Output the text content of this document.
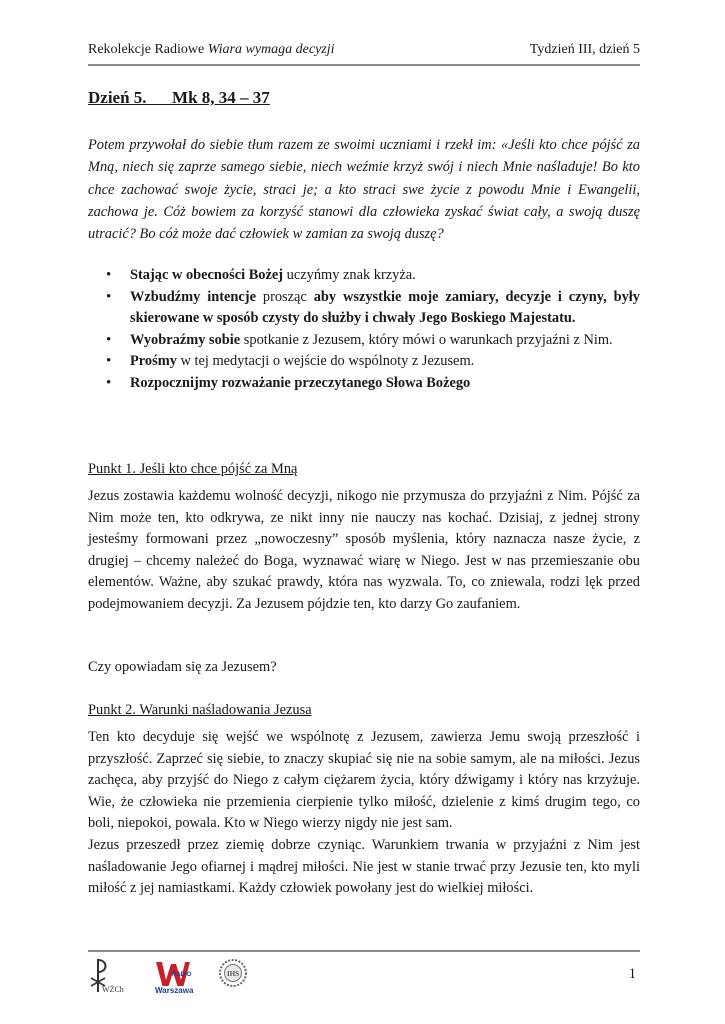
Rekolekcje Radiowe Wiara wymaga decyzji	Tydzień III, dzień 5
Dzień 5.      Mk 8, 34 – 37

Potem przywołał do siebie tłum razem ze swoimi uczniami i rzekł im: «Jeśli kto chce pójść za Mną, niech się zaprze samego siebie, niech weźmie krzyż swój i niech Mnie naśladuje! Bo kto chce zachować swoje życie, straci je; a kto straci swe życie z powodu Mnie i Ewangelii, zachowa je. Cóż bowiem za korzyść stanowi dla człowieka zyskać świat cały, a swoją duszę utracić? Bo cóż może dać człowiek w zamian za swoją duszę?

• Stając w obecności Bożej uczyńmy znak krzyża.
• Wzbudźmy intencje prosząc aby wszystkie moje zamiary, decyzje i czyny, były skierowane w sposób czysty do służby i chwały Jego Boskiego Majestatu.
• Wyobraźmy sobie spotkanie z Jezusem, który mówi o warunkach przyjaźni z Nim.
• Prośmy w tej medytacji o wejście do wspólnoty z Jezusem.
• Rozpocznijmy rozważanie przeczytanego Słowa Bożego
Punkt 1. Jeśli kto chce pójść za Mną

Jezus zostawia każdemu wolność decyzji, nikogo nie przymusza do przyjaźni z Nim. Pójść za Nim może ten, kto odkrywa, ze nikt inny nie nauczy nas kochać. Dzisiaj, z jednej strony jesteśmy formowani przez „nowoczesny” sposób myślenia, który naznacza nasze życie, z drugiej – chcemy należeć do Boga, wyznawać wiarę w Niego. Jest w nas przemieszanie obu elementów. Ważne, aby szukać prawdy, która nas wyzwala. To, co zniewala, rodzi lęk przed podejmowaniem decyzji. Za Jezusem pójdzie ten, kto darzy Go zaufaniem.

Czy opowiadam się za Jezusem?

Punkt 2. Warunki naśladowania Jezusa

Ten kto decyduje się wejść we wspólnotę z Jezusem, zawierza Jemu swoją przeszłość i przyszłość. Zaprzeć się siebie, to znaczy skupiać się nie na sobie samym, ale na miłości. Jezus zachęca, aby przyjść do Niego z całym ciężarem życia, który dźwigamy i który nas krzyżuje. Wie, że człowieka nie przemienia cierpienie tylko miłość, dzielenie z kimś drugim tego, co boli, niepokoi, powala. Kto w Niego wierzy nigdy nie jest sam.

Jezus przeszedł przez ziemię dobrze czyniąc. Warunkiem trwania w przyjaźni z Nim jest naśladowanie Jego ofiarnej i mądrej miłości. Nie jest w stanie trwać przy Jezusie ten, kto myli miłość z jej namiastkami. Każdy człowiek powołany jest do wielkiej miłości.

WŻCh
RADIO
Warszawa
IHS	1
